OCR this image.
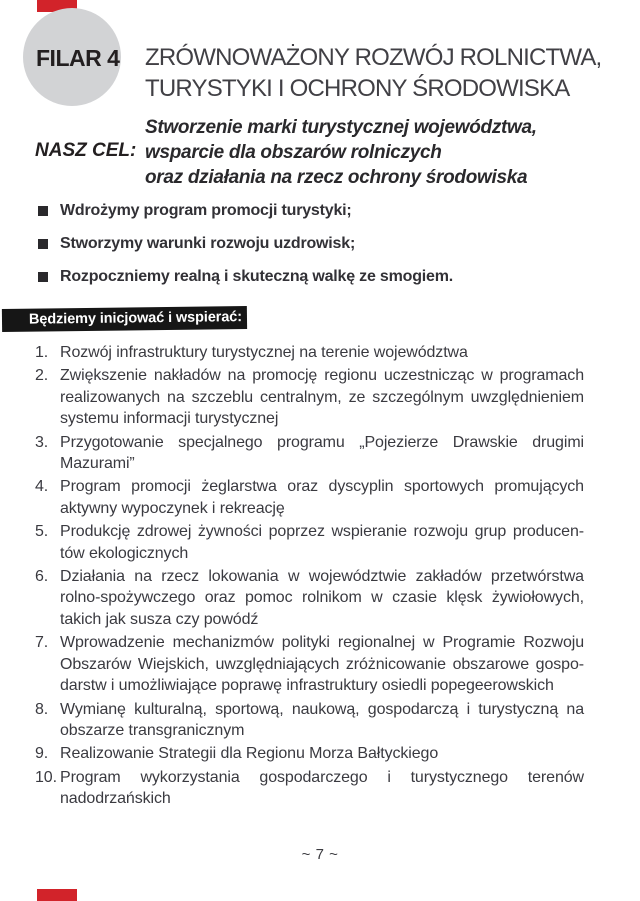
FILAR 4 ZRÓWNOWAŻONY ROZWÓJ ROLNICTWA,
TURYSTYKI I OCHRONY ŚRODOWISKA
NASZ CEL:
Stworzenie marki turystycznej województwa,
wsparcie dla obszarów rolniczych
oraz działania na rzecz ochrony środowiska
Wdrożymy program promocji turystyki;
Stworzymy warunki rozwoju uzdrowisk;
Rozpoczniemy realną i skuteczną walkę ze smogiem.
Będziemy inicjować i wspierać:
1. Rozwój infrastruktury turystycznej na terenie województwa
2. Zwiększenie nakładów na promocję regionu uczestnicząc w programach
realizowanych na szczeblu centralnym, ze szczególnym uwzględnieniem
systemu informacji turystycznej
3. Przygotowanie specjalnego programu „Pojezierze Drawskie drugimi
Mazurami”
4. Program promocji żeglarstwa oraz dyscyplin sportowych promujących
aktywny wypoczynek i rekreację
5. Produkcję zdrowej żywności poprzez wspieranie rozwoju grup producen-
tów ekologicznych
6. Działania na rzecz lokowania w województwie zakładów przetwórstwa
rolno-spożywczego oraz pomoc rolnikom w czasie klęsk żywiołowych,
takich jak susza czy powódź
7. Wprowadzenie mechanizmów polityki regionalnej w Programie Rozwoju
Obszarów Wiejskich, uwzględniających zróżnicowanie obszarowe gospo-
darstw i umożliwiające poprawę infrastruktury osiedli popegeerowskich
8. Wymianę kulturalną, sportową, naukową, gospodarczą i turystyczną na
obszarze transgranicznym
9. Realizowanie Strategii dla Regionu Morza Bałtyckiego
10. Program wykorzystania gospodarczego i turystycznego terenów
nadodrzańskich
~ 7 ~
